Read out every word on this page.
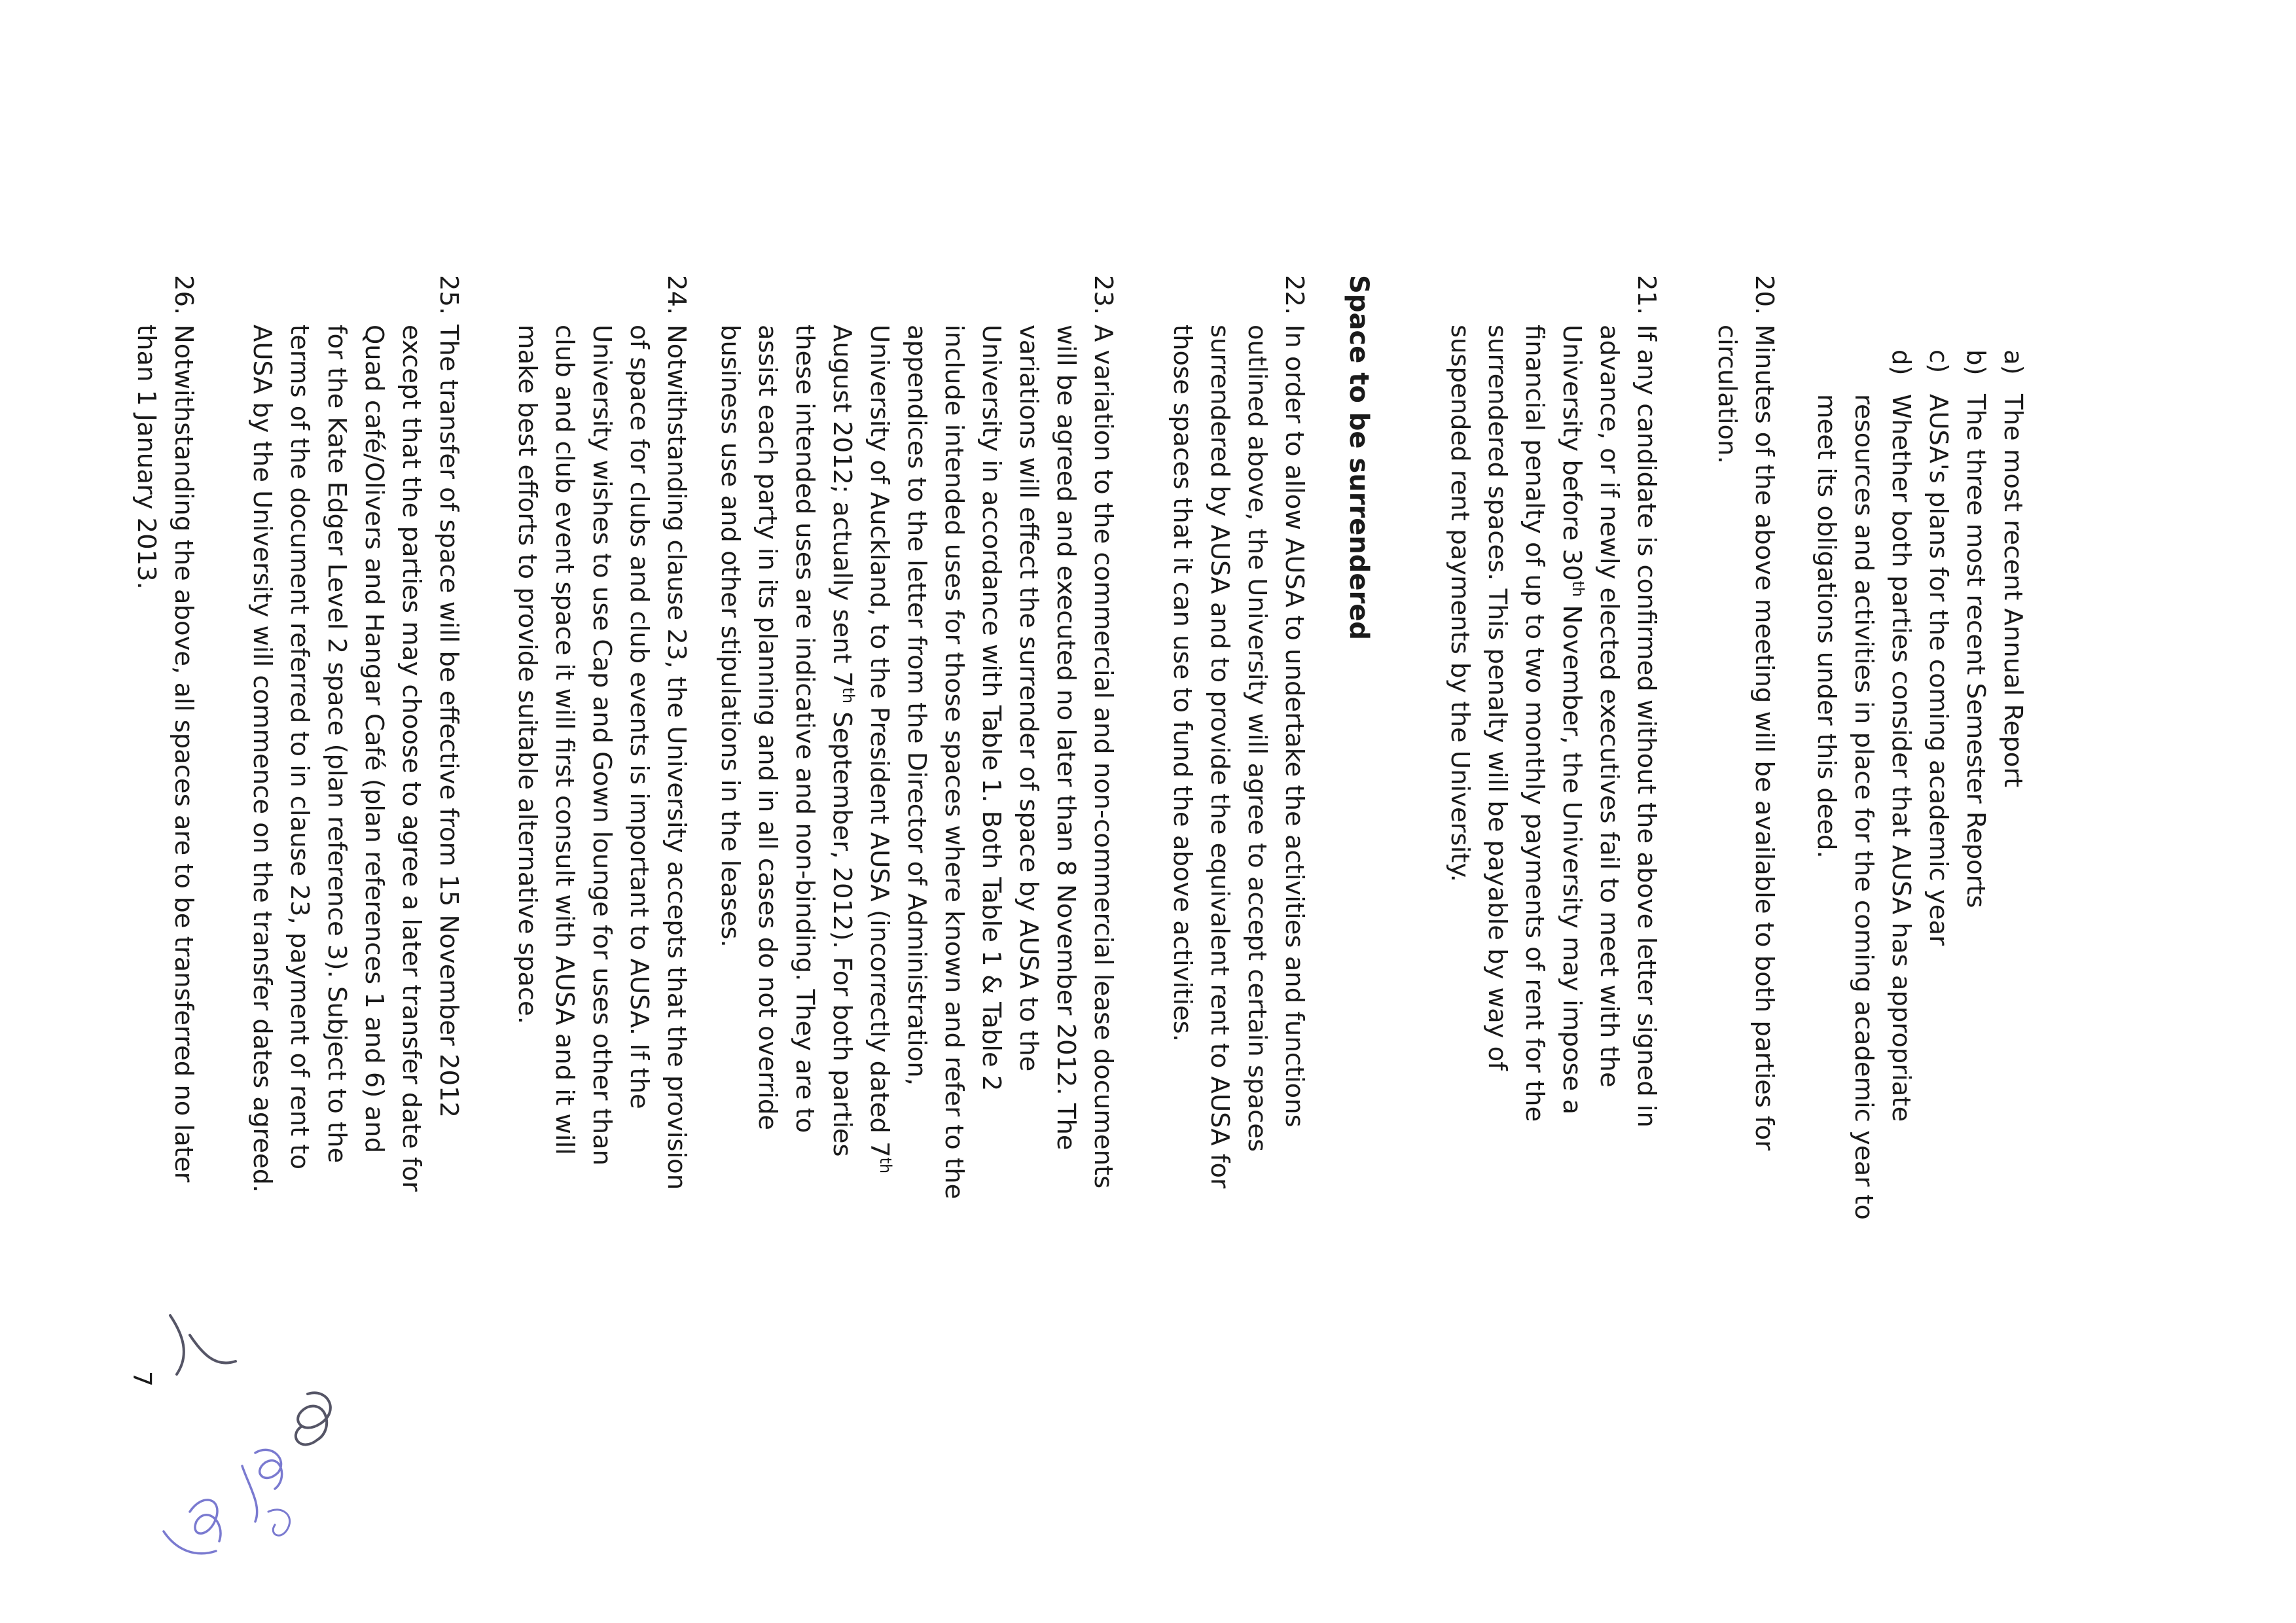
a)
The most recent Annual Report
b)
The three most recent Semester Reports
c)
AUSA's plans for the coming academic year
d)
Whether both parties consider that AUSA has appropriate
resources and activities in place for the coming academic year to
meet its obligations under this deed.
20.
Minutes of the above meeting will be available to both parties for
circulation.
21.
If any candidate is confirmed without the above letter signed in
advance, or if newly elected executives fail to meet with the
University before 30th November, the University may impose a
financial penalty of up to two monthly payments of rent for the
surrendered spaces. This penalty will be payable by way of
suspended rent payments by the University.
Space to be surrendered
22.
In order to allow AUSA to undertake the activities and functions
outlined above, the University will agree to accept certain spaces
surrendered by AUSA and to provide the equivalent rent to AUSA for
those spaces that it can use to fund the above activities.
23.
A variation to the commercial and non-commercial lease documents
will be agreed and executed no later than 8 November 2012. The
variations will effect the surrender of space by AUSA to the
University in accordance with Table 1. Both Table 1 & Table 2
include intended uses for those spaces where known and refer to the
appendices to the letter from the Director of Administration,
University of Auckland, to the President AUSA (incorrectly dated 7th
August 2012; actually sent 7th September, 2012). For both parties
these intended uses are indicative and non-binding. They are to
assist each party in its planning and in all cases do not override
business use and other stipulations in the leases.
24.
Notwithstanding clause 23, the University accepts that the provision
of space for clubs and club events is important to AUSA. If the
University wishes to use Cap and Gown lounge for uses other than
club and club event space it will first consult with AUSA and it will
make best efforts to provide suitable alternative space.
25.
The transfer of space will be effective from 15 November 2012
except that the parties may choose to agree a later transfer date for
Quad café/Olivers and Hangar Café (plan references 1 and 6) and
for the Kate Edger Level 2 space (plan reference 3). Subject to the
terms of the document referred to in clause 23, payment of rent to
AUSA by the University will commence on the transfer dates agreed.
26.
Notwithstanding the above, all spaces are to be transferred no later
than 1 January 2013.
7
